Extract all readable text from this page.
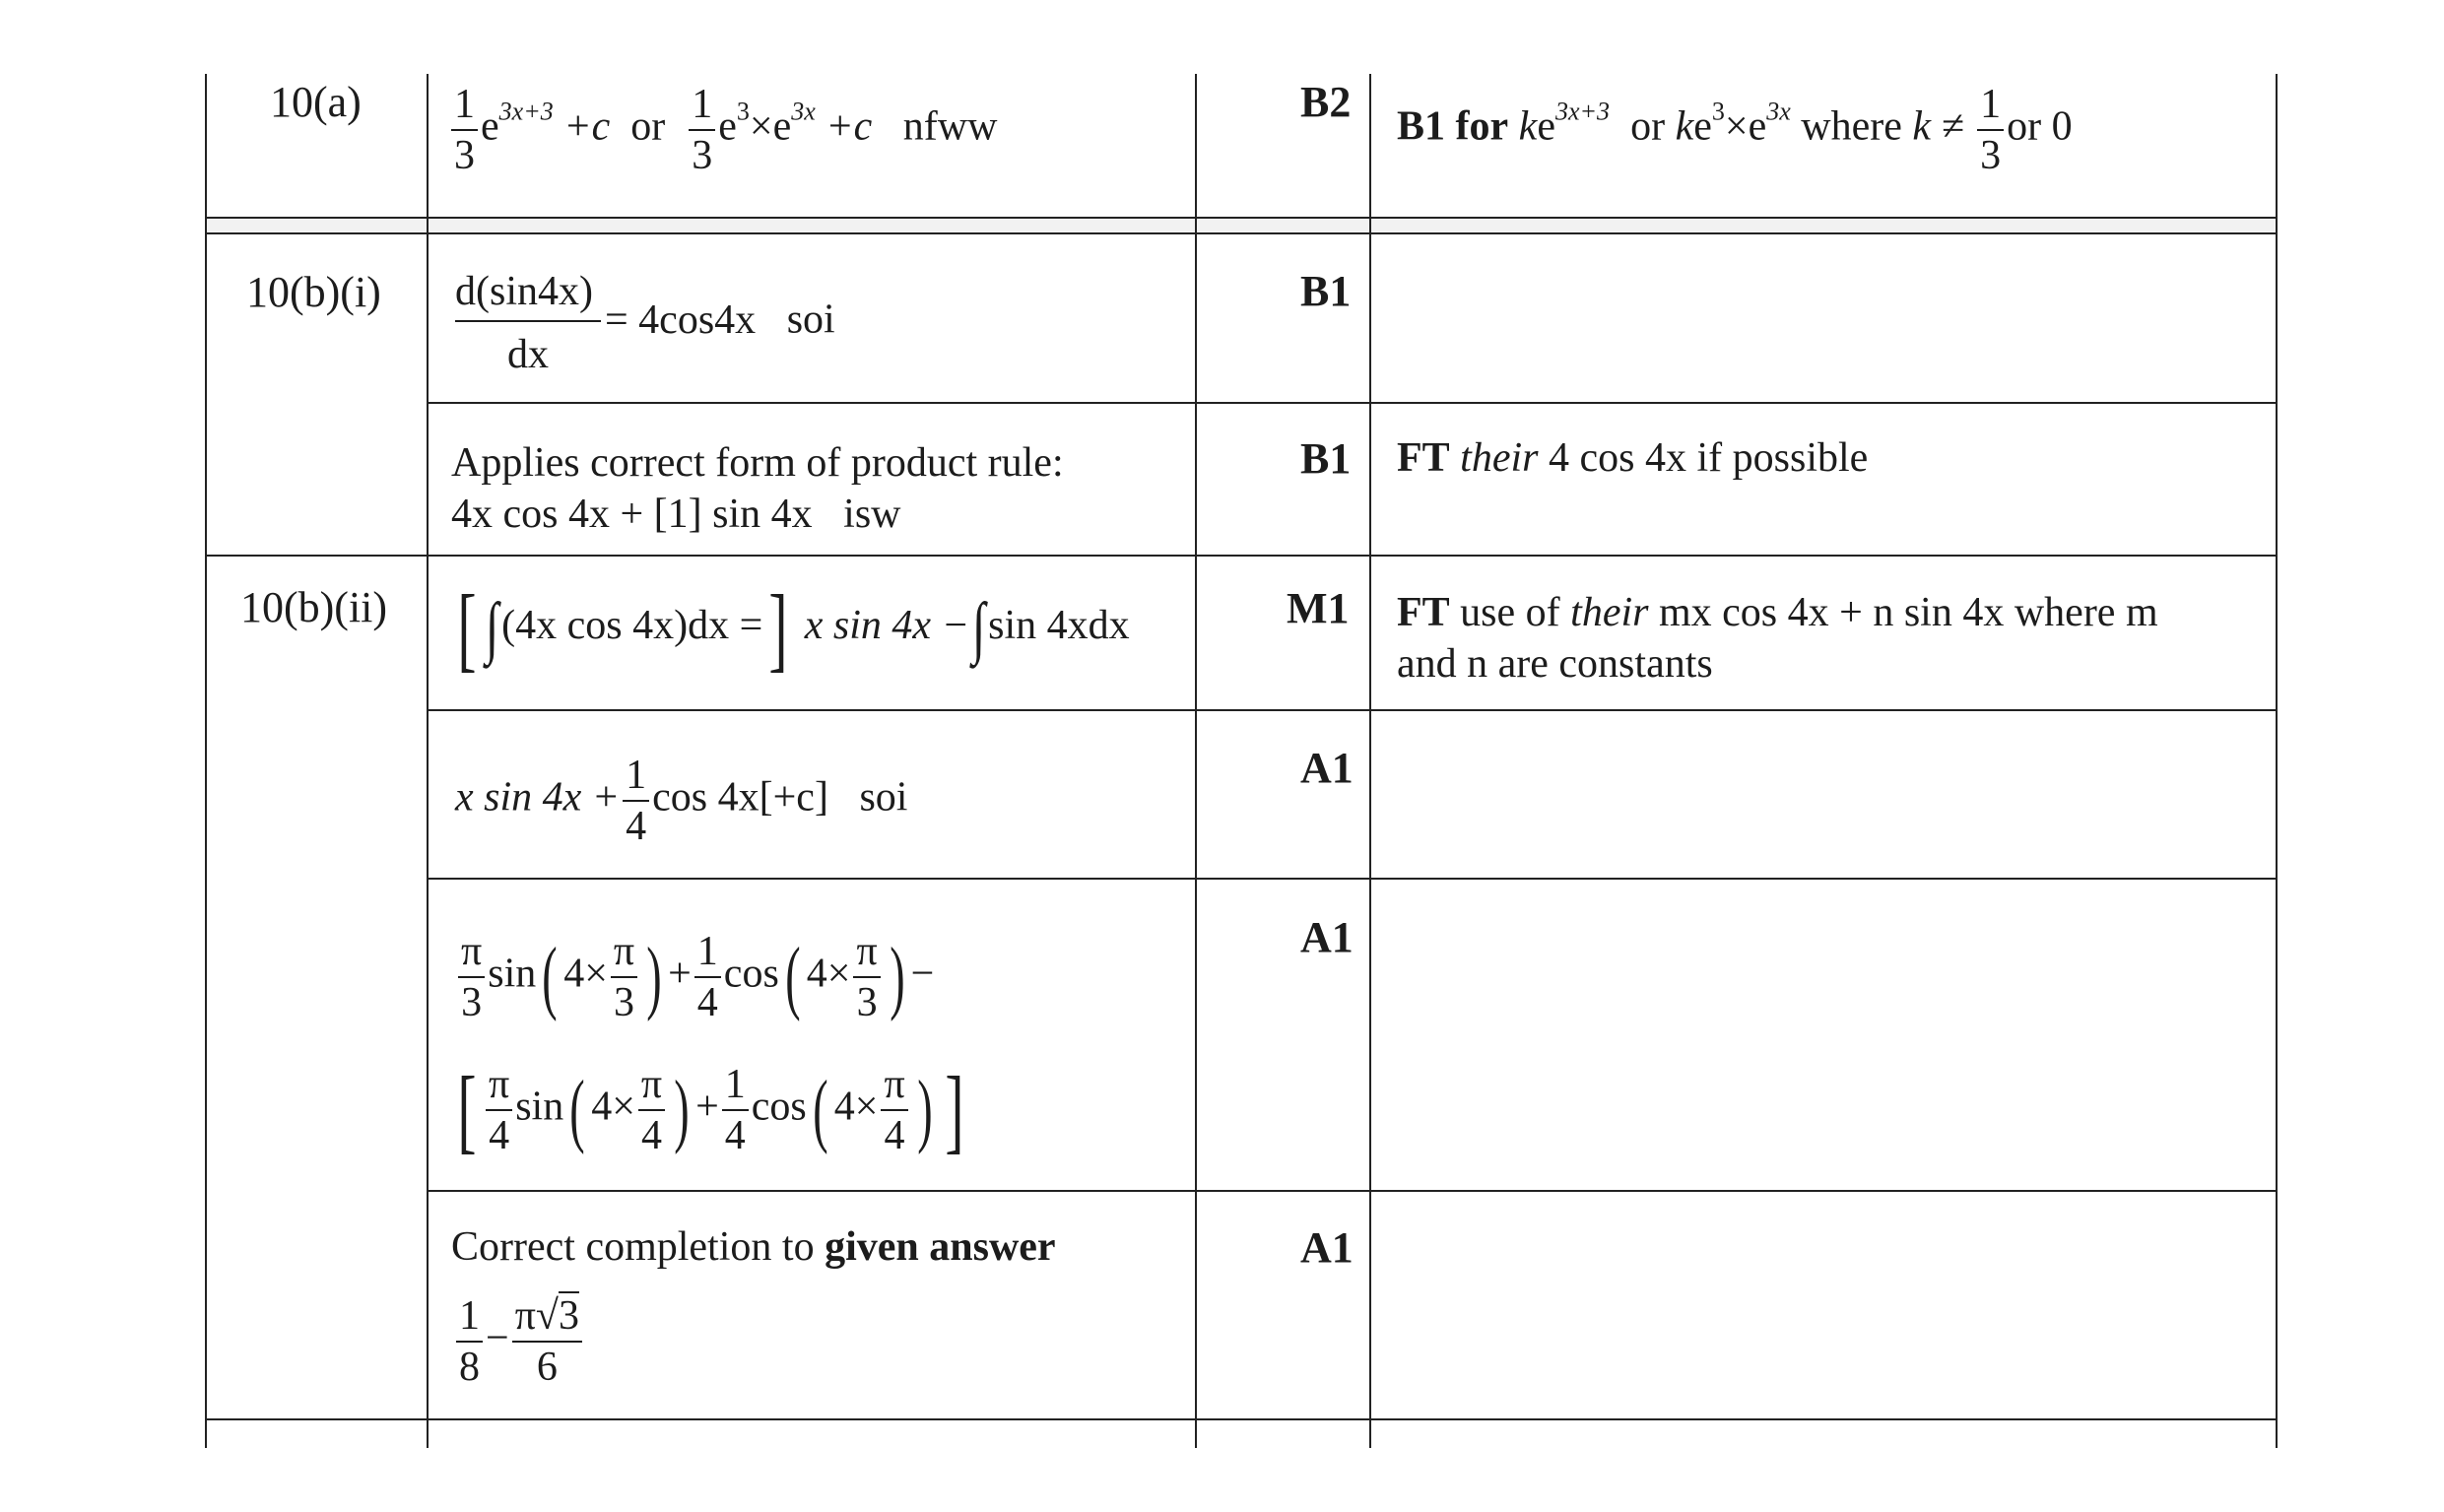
$10(a) \frac{1}{3} e^{3x+3} +c$ or $\frac{1}{3} e^3\times e^{3x} +c$ nfww
B2
B1 for $ke^{3x+3}$ or $ke^3\times e^{3x}$ where $k \ne \frac{1}{3}$ or 0
$10(b)(i) \frac{d(\sin 4x)}{dx} = 4\cos 4x$ soi
B1
Applies correct form of product rule:
4x cos 4x + [1] sin 4x isw
B1 FT their 4 cos 4x if possible
10(b)(ii) [ ∫(4x cos 4x)dx =] x sin 4x −∫sin 4xdx	M1 FT use of their mx cos 4x + n sin 4x where m
and n are constants
x $\sin 4x + \frac{1}{4}$ cos 4x[+c] soi
A1
$\frac{\pi}{3} \sin$( $4\times \frac{\pi}{3}$ ) + $\frac{1}{4} \cos$( $4\times \frac{\pi}{3}$ ) −
[ $\frac{\pi}{4} \sin$( $4\times \frac{\pi}{4}$ ) + $\frac{1}{4} \cos$( $4\times \frac{\pi}{4}$ ) ]
A1
Correct completion to given answer
$\frac{1}{8} - \frac{\pi√3}{6}$
A1
